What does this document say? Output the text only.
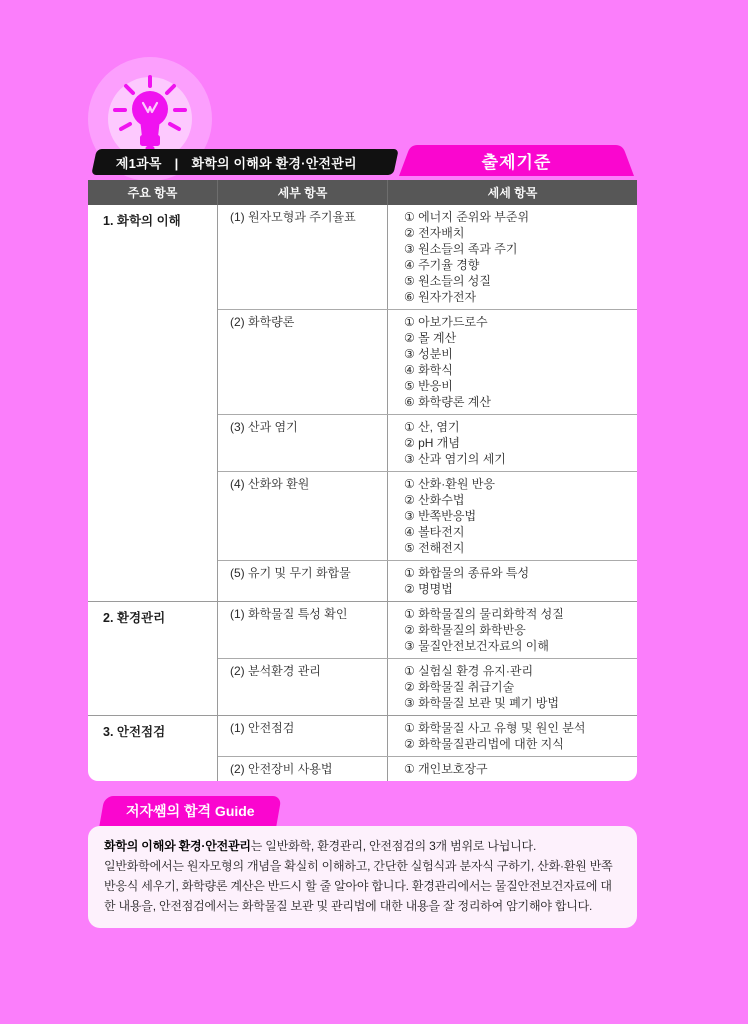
제1과목 | 화학의 이해와 환경·안전관리	출제기준
주요 항목	세부 항목	세세 항목
1. 화학의 이해	(1) 원자모형과 주기율표	① 에너지 준위와 부준위
② 전자배치
③ 원소들의 족과 주기
④ 주기율 경향
⑤ 원소들의 성질
⑥ 원자가전자
(2) 화학량론	① 아보가드로수
② 몰 계산
③ 성분비
④ 화학식
⑤ 반응비
⑥ 화학량론 계산
(3) 산과 염기	① 산, 염기
② pH 개념
③ 산과 염기의 세기
(4) 산화와 환원	① 산화·환원 반응
② 산화수법
③ 반쪽반응법
④ 볼타전지
⑤ 전해전지
(5) 유기 및 무기 화합물	① 화합물의 종류와 특성
② 명명법
2. 환경관리	(1) 화학물질 특성 확인	① 화학물질의 물리화학적 성질
② 화학물질의 화학반응
③ 물질안전보건자료의 이해
(2) 분석환경 관리	① 실험실 환경 유지·관리
② 화학물질 취급기술
③ 화학물질 보관 및 폐기 방법
3. 안전점검	(1) 안전점검	① 화학물질 사고 유형 및 원인 분석
② 화학물질관리법에 대한 지식
(2) 안전장비 사용법	① 개인보호장구
저자쌤의 합격 Guide

화학의 이해와 환경·안전관리는 일반화학, 환경관리, 안전점검의 3개 범위로 나뉩니다.

일반화학에서는 원자모형의 개념을 확실히 이해하고, 간단한 실험식과 분자식 구하기, 산화·환원 반쪽 반응식 세우기, 화학량론 계산은 반드시 할 줄 알아야 합니다. 환경관리에서는 물질안전보건자료에 대한 내용을, 안전점검에서는 화학물질 보관 및 관리법에 대한 내용을 잘 정리하여 암기해야 합니다.
